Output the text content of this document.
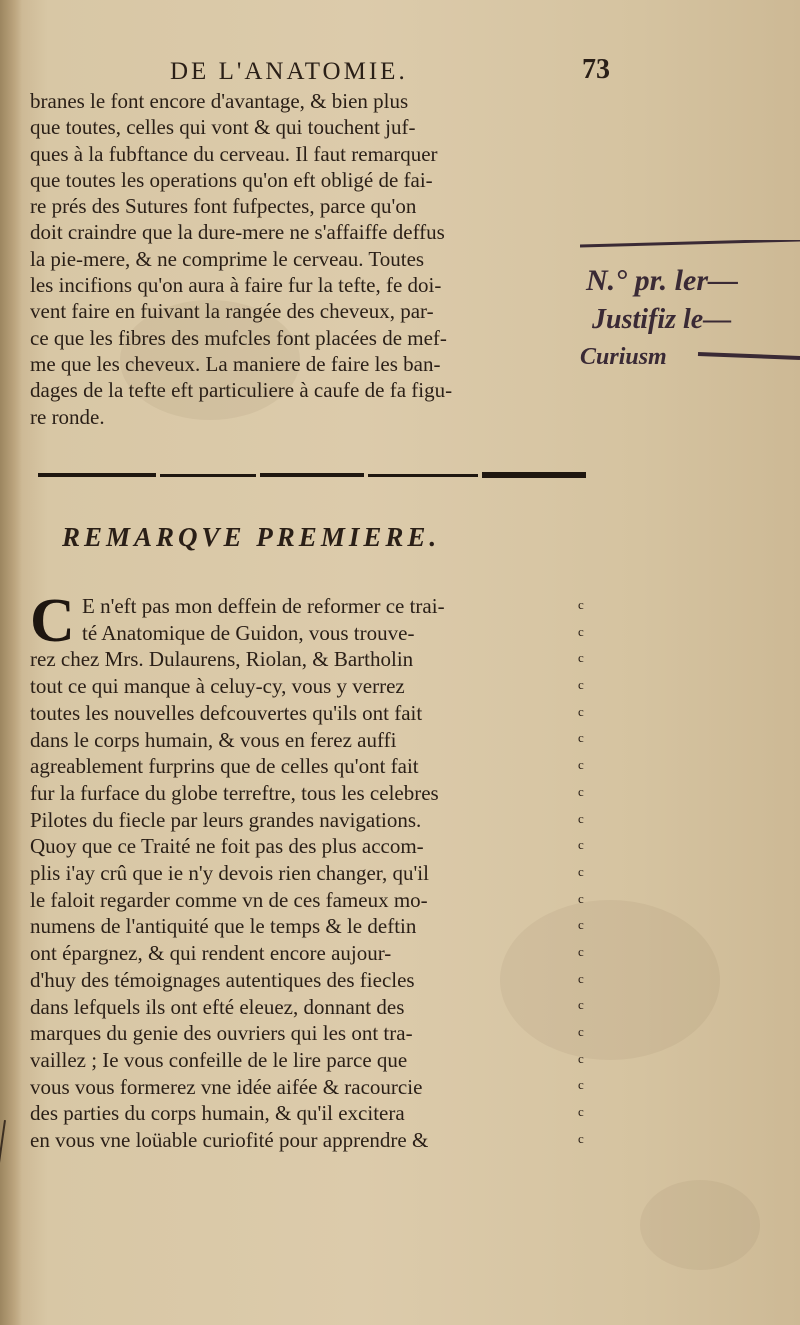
DE L'ANATOMIE.	73
branes le font encore d'avantage, & bien plus
que toutes, celles qui vont & qui touchent juf-
ques à la fubftance du cerveau. Il faut remarquer
que toutes les operations qu'on eft obligé de fai-
re prés des Sutures font fufpectes, parce qu'on
doit craindre que la dure-mere ne s'affaiffe deffus
la pie-mere, & ne comprime le cerveau. Toutes
les incifions qu'on aura à faire fur la tefte, fe doi-
vent faire en fuivant la rangée des cheveux, par-
ce que les fibres des mufcles font placées de mef-
me que les cheveux. La maniere de faire les ban-
dages de la tefte eft particuliere à caufe de fa figu-
re ronde.
REMARQVE PREMIERE.
C E n'eft pas mon deffein de reformer ce trai-
té Anatomique de Guidon, vous trouve-
rez chez Mrs. Dulaurens, Riolan, & Bartholin
tout ce qui manque à celuy-cy, vous y verrez
toutes les nouvelles defcouvertes qu'ils ont fait
dans le corps humain, & vous en ferez auffi
agreablement furprins que de celles qu'ont fait
fur la furface du globe terreftre, tous les celebres
Pilotes du fiecle par leurs grandes navigations.
Quoy que ce Traité ne foit pas des plus accom-
plis i'ay crû que ie n'y devois rien changer, qu'il
le faloit regarder comme vn de ces fameux mo-
numens de l'antiquité que le temps & le deftin
ont épargnez, & qui rendent encore aujour-
d'huy des témoignages autentiques des fiecles
dans lefquels ils ont efté eleuez, donnant des
marques du genie des ouvriers qui les ont tra-
vaillez ; Ie vous confeille de le lire parce que
vous vous formerez vne idée aifée & racourcie
des parties du corps humain, & qu'il excitera
en vous vne loüable curiofité pour apprendre &
c
c
c
c
c
c
c
c
c
c
c
c
c
c
c
c
c
c
c
c
c
N.° pr. ler—
Justifiz le—
Curiusm
